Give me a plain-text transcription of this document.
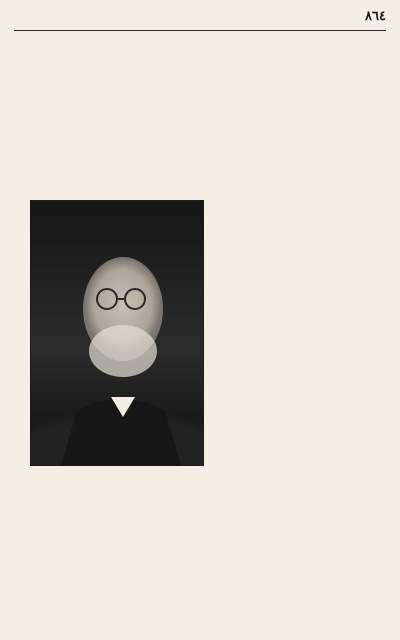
٨٦٤
